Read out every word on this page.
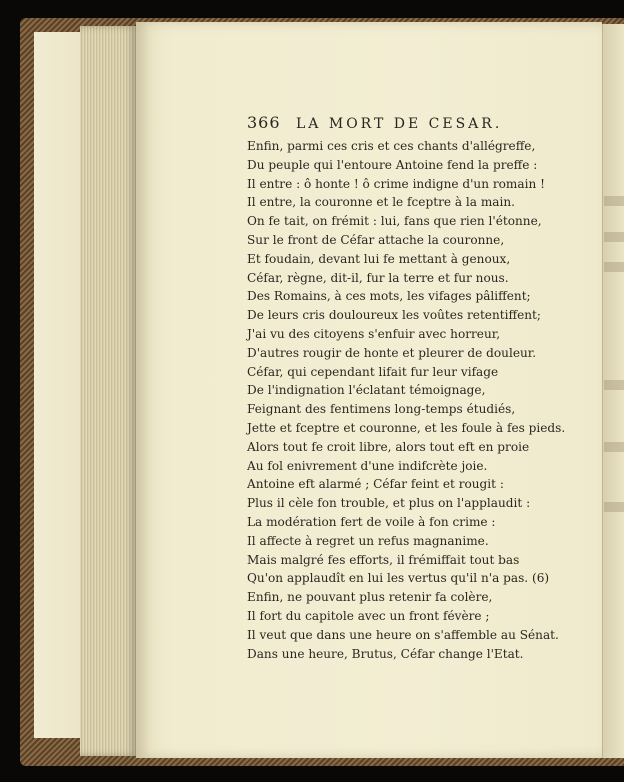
366 LA MORT DE CESAR.
Enfin, parmi ces cris et ces chants d'allégreffe,
Du peuple qui l'entoure Antoine fend la preffe :
Il entre : ô honte ! ô crime indigne d'un romain !
Il entre, la couronne et le fceptre à la main.
On fe tait, on frémit : lui, fans que rien l'étonne,
Sur le front de Céfar attache la couronne,
Et foudain, devant lui fe mettant à genoux,
Céfar, règne, dit-il, fur la terre et fur nous.
Des Romains, à ces mots, les vifages pâliffent;
De leurs cris douloureux les voûtes retentiffent;
J'ai vu des citoyens s'enfuir avec horreur,
D'autres rougir de honte et pleurer de douleur.
Céfar, qui cependant lifait fur leur vifage
De l'indignation l'éclatant témoignage,
Feignant des fentimens long-temps étudiés,
Jette et fceptre et couronne, et les foule à fes pieds.
Alors tout fe croit libre, alors tout eft en proie
Au fol enivrement d'une indifcrète joie.
Antoine eft alarmé ; Céfar feint et rougit :
Plus il cèle fon trouble, et plus on l'applaudit :
La modération fert de voile à fon crime :
Il affecte à regret un refus magnanime.
Mais malgré fes efforts, il frémiffait tout bas
Qu'on applaudît en lui les vertus qu'il n'a pas. (6)
Enfin, ne pouvant plus retenir fa colère,
Il fort du capitole avec un front févère ;
Il veut que dans une heure on s'affemble au Sénat.
Dans une heure, Brutus, Céfar change l'Etat.
